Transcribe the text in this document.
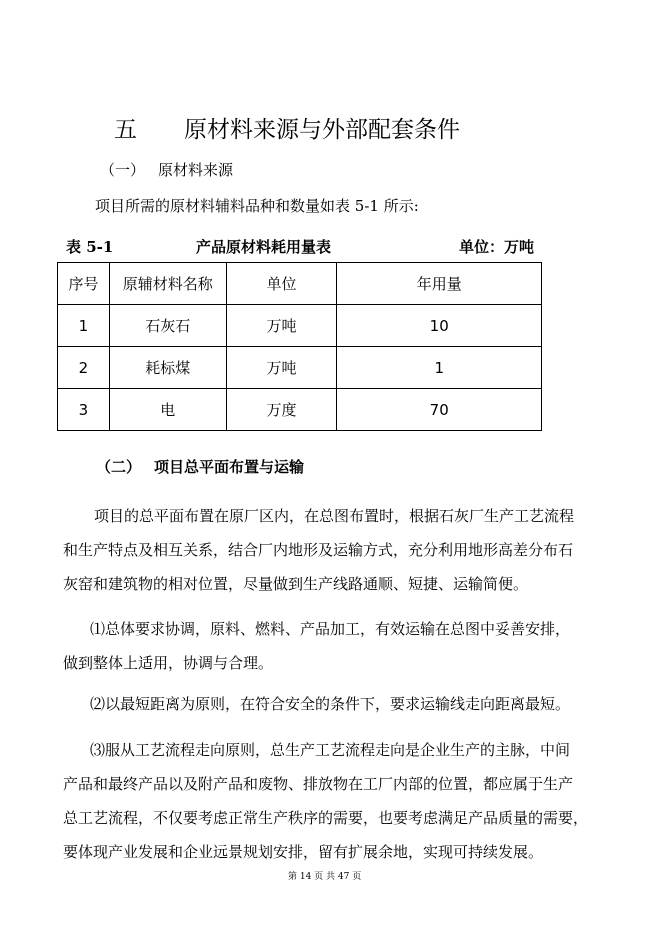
五 原材料来源与外部配套条件
（一） 原材料来源
项目所需的原材料辅料品种和数量如表 5-1 所示:
表 5-1	产品原材料耗用量表	单位：万吨
序号	原辅材料名称	单位	年用量
1	石灰石	万吨	10
2	耗标煤	万吨	1
3	电	万度	70
（二） 项目总平面布置与运输
项目的总平面布置在原厂区内，在总图布置时，根据石灰厂生产工艺流程
和生产特点及相互关系，结合厂内地形及运输方式，充分利用地形高差分布石
灰窑和建筑物的相对位置，尽量做到生产线路通顺、短捷、运输简便。
⑴总体要求协调，原料、燃料、产品加工，有效运输在总图中妥善安排，
做到整体上适用，协调与合理。
⑵以最短距离为原则，在符合安全的条件下，要求运输线走向距离最短。
⑶服从工艺流程走向原则，总生产工艺流程走向是企业生产的主脉，中间
产品和最终产品以及附产品和废物、排放物在工厂内部的位置，都应属于生产
总工艺流程，不仅要考虑正常生产秩序的需要，也要考虑满足产品质量的需要，
要体现产业发展和企业远景规划安排，留有扩展余地，实现可持续发展。
第 14 页 共 47 页
